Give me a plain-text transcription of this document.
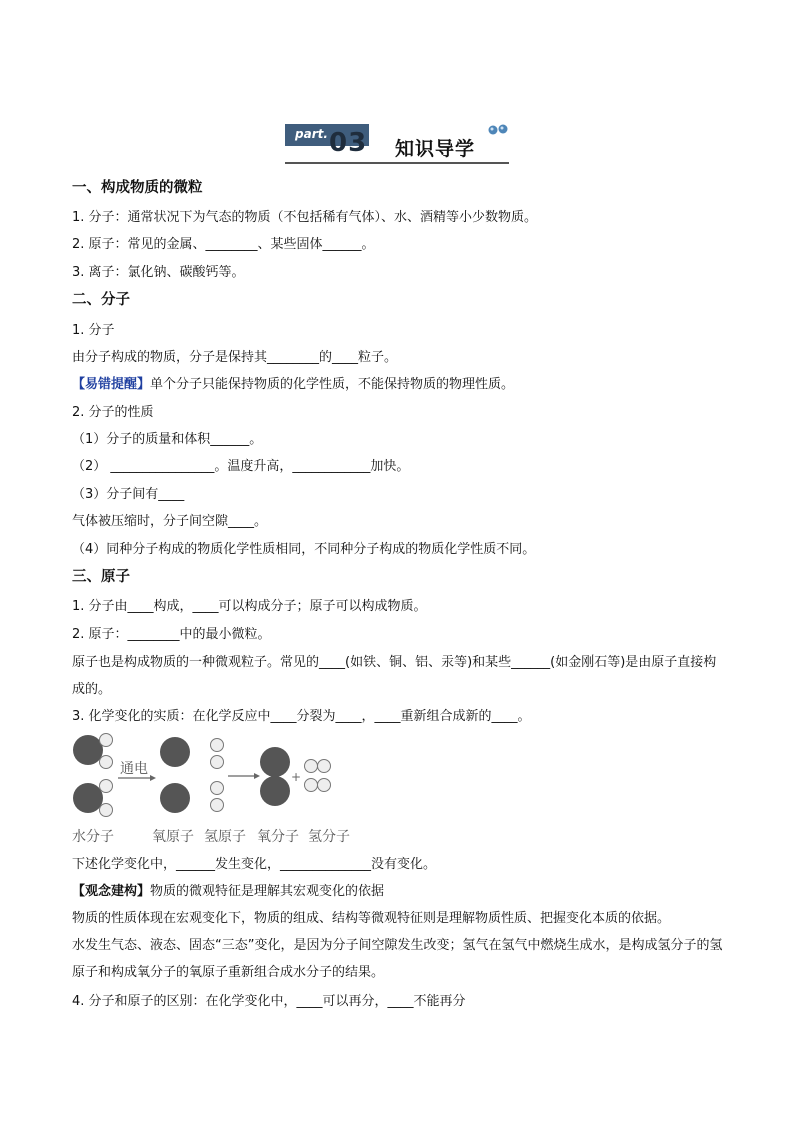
part. 03 知识导学
一、构成物质的微粒
1. 分子：通常状况下为气态的物质（不包括稀有气体）、水、酒精等小少数物质。
2. 原子：常见的金属、________、某些固体______。
3. 离子：氯化钠、碳酸钙等。
二、分子
1. 分子
由分子构成的物质，分子是保持其________的____粒子。
【易错提醒】单个分子只能保持物质的化学性质，不能保持物质的物理性质。
2. 分子的性质
（1）分子的质量和体积______。
（2） ________________。温度升高，____________加快。
（3）分子间有____
气体被压缩时，分子间空隙____。
（4）同种分子构成的物质化学性质相同，不同种分子构成的物质化学性质不同。
三、原子
1. 分子由____构成，____可以构成分子；原子可以构成物质。
2. 原子：________中的最小微粒。
原子也是构成物质的一种微观粒子。常见的____(如铁、铜、铝、汞等)和某些______(如金刚石等)是由原子直接构成的。
3. 化学变化的实质：在化学反应中____分裂为____，____重新组合成新的____。
通电	+
水分子	氧原子 氢原子 氧分子 氢分子
下述化学变化中，______发生变化，______________没有变化。
【观念建构】物质的微观特征是理解其宏观变化的依据
物质的性质体现在宏观变化下，物质的组成、结构等微观特征则是理解物质性质、把握变化本质的依据。
水发生气态、液态、固态“三态”变化，是因为分子间空隙发生改变；氢气在氢气中燃烧生成水，是构成氢分子的氢原子和构成氧分子的氧原子重新组合成水分子的结果。
4. 分子和原子的区别：在化学变化中，____可以再分，____不能再分
